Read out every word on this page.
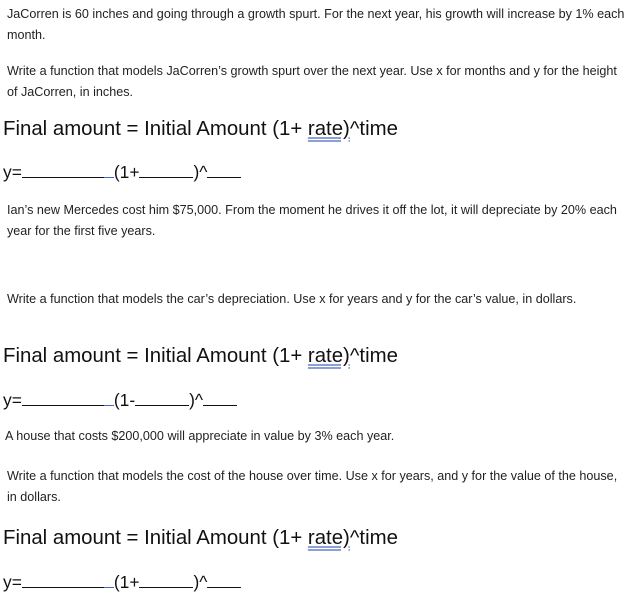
JaCorren is 60 inches and going through a growth spurt. For the next year, his growth will increase by 1% each month.

Write a function that models JaCorren’s growth spurt over the next year. Use x for months and y for the height of JaCorren, in inches.

Final amount = Initial Amount (1+ rate)^time
y=	(1+	)^

Ian’s new Mercedes cost him $75,000. From the moment he drives it off the lot, it will depreciate by 20% each year for the first five years.

Write a function that models the car’s depreciation. Use x for years and y for the car’s value, in dollars.

Final amount = Initial Amount (1+ rate)^time
y=	(1-	)^

A house that costs $200,000 will appreciate in value by 3% each year.

Write a function that models the cost of the house over time. Use x for years, and y for the value of the house, in dollars.

Final amount = Initial Amount (1+ rate)^time
y=	(1+	)^
